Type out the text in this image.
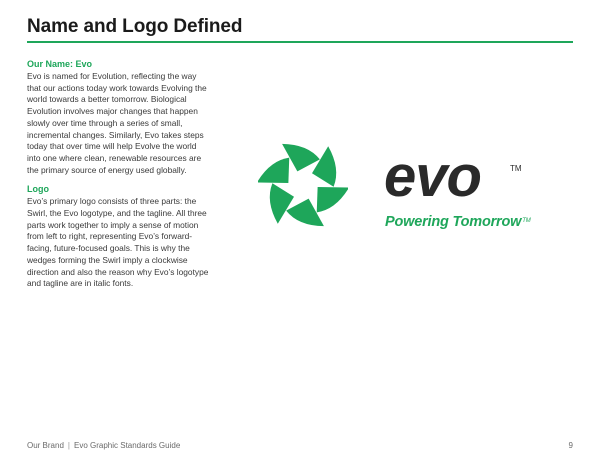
Name and Logo Defined
Our Name: Evo

Evo is named for Evolution, reflecting the way that our actions today work towards Evolving the world towards a better tomorrow. Biological Evolution involves major changes that happen slowly over time through a series of small, incremental changes. Similarly, Evo takes steps today that over time will help Evolve the world into one where clean, renewable resources are the primary source of energy used globally.

Logo

Evo’s primary logo consists of three parts: the Swirl, the Evo logotype, and the tagline. All three parts work together to imply a sense of motion from left to right, representing Evo’s forward-facing, future-focused goals. This is why the wedges forming the Swirl imply a clockwise direction and also the reason why Evo’s logotype and tagline are in italic fonts.

evo	TM
Powering Tomorrow™
Our Brand | Evo Graphic Standards Guide	9
